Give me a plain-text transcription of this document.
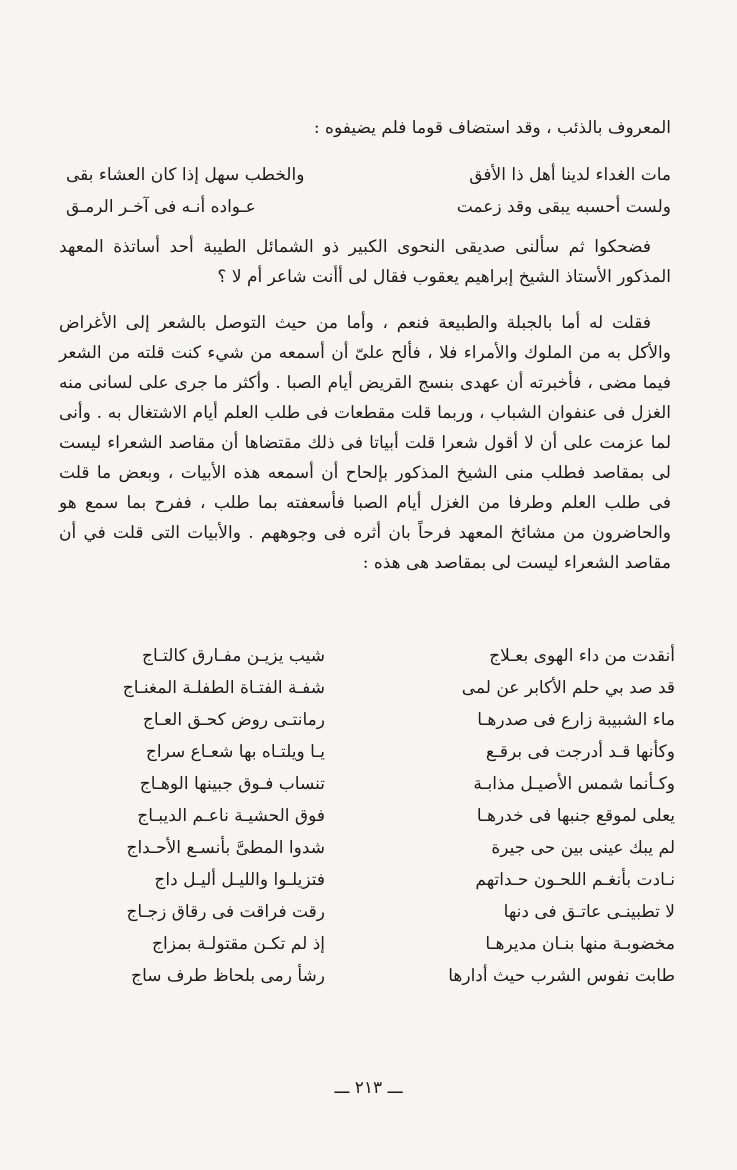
المعروف بالذئب ، وقد استضاف قوما فلم يضيفوه :
مات الغداء لدينا أهل ذا الأفق
والخطب سهل إذا كان العشاء بقى
ولست أحسبه يبقى وقد زعمت
عـواده أنـه فى آخـر الرمـق

فضحكوا ثم سألنى صديقى النحوى الكبير ذو الشمائل الطيبة أحد أساتذة المعهد المذكور الأستاذ الشيخ إبراهيم يعقوب فقال لى أأنت شاعر أم لا ؟

فقلت له أما بالجبلة والطبيعة فنعم ، وأما من حيث التوصل بالشعر إلى الأغراض والأكل به من الملوك والأمراء فلا ، فألح علىّ أن أسمعه من شيء كنت قلته من الشعر فيما مضى ، فأخبرته أن عهدى بنسج القريض أيام الصبا . وأكثر ما جرى على لسانى منه الغزل فى عنفوان الشباب ، وربما قلت مقطعات فى طلب العلم أيام الاشتغال به . وأنى لما عزمت على أن لا أقول شعرا قلت أبياتا فى ذلك مقتضاها أن مقاصد الشعراء ليست لى بمقاصد فطلب منى الشيخ المذكور بإلحاح أن أسمعه هذه الأبيات ، وبعض ما قلت فى طلب العلم وطرفا من الغزل أيام الصبا فأسعفته بما طلب ، ففرح بما سمع هو والحاضرون من مشائخ المعهد فرحاً بان أثره فى وجوههم . والأبيات التى قلت في أن مقاصد الشعراء ليست لى بمقاصد هى هذه :

أنقدت من داء الهوى بعـلاج
شيب يزيـن مفـارق كالتـاج
قد صد بي حلم الأكابر عن لمى
شفـة الفتـاة الطفلـة المغنـاج
ماء الشبيبة زارع فى صدرهـا
رمانتـى روض كحـق العـاج
وكأنها قـد أدرجت فى برقـع
يـا ويلتـاه بها شعـاع سراج
وكـأنما شمس الأصيـل مذابـة
تنساب فـوق جبينها الوهـاج
يعلى لموقع جنبها فى خدرهـا
فوق الحشيـة ناعـم الديبـاج
لم يبك عينى بين حى جيرة
شدوا المطىَّ بأنسـع الأحـداج
نـادت بأنغـم اللحـون حـداتهم
فتزيلـوا والليـل أليـل داج
لا تطبينـى عاتـق فى دنها
رقت فراقت فى رقاق زجـاج
مخضوبـة منها بنـان مديرهـا
إذ لم تكـن مقتولـة بمزاج
طابت نفوس الشرب حيث أدارها
رشأ رمى بلحاظ طرف ساج
ـــ ٢١٣ ـــ
